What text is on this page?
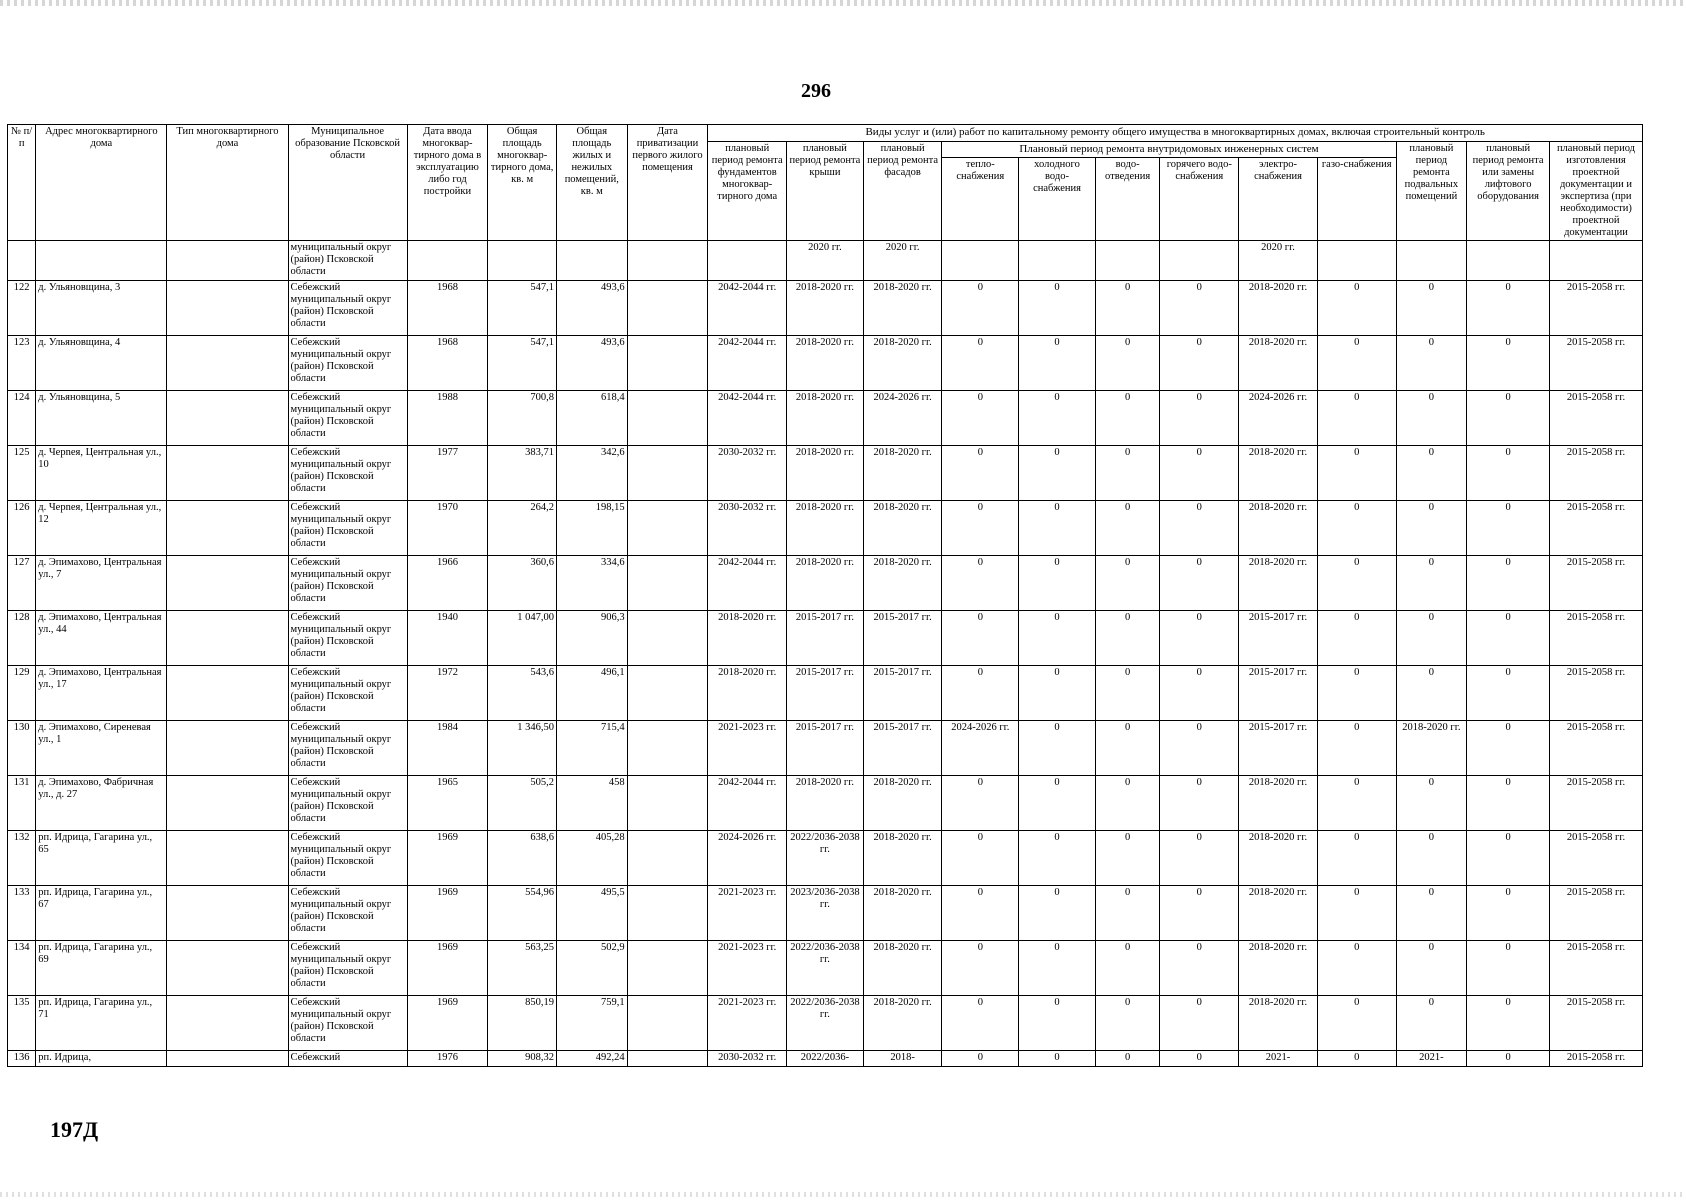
296
№ п/п	Адрес многоквартирного дома	Тип многоквартирного дома	Муниципальное образование Псковской области	Дата ввода многоквар-тирного дома в эксплуатацию либо год постройки	Общая площадь многоквар-тирного дома, кв. м	Общая площадь жилых и нежилых помещений, кв. м	Дата приватизации первого жилого помещения	Виды услуг и (или) работ по капитальному ремонту общего имущества в многоквартирных домах, включая строительный контроль											
								плановый период ремонта фундаментов многоквар-тирного дома	плановый период ремонта крыши	плановый период ремонта фасадов	Плановый период ремонта внутридомовых инженерных систем						плановый период ремонта подвальных помещений	плановый период ремонта или замены лифтового оборудования	плановый период изготовления проектной документации и экспертиза (при необходимости) проектной документации
											тепло-снабжения	холодного водо-снабжения	водо-отведения	горячего водо-снабжения	электро-снабжения	газо-снабжения			
			муниципальный округ (район) Псковской области						2020 гг.	2020 гг.					2020 гг.				
122	д. Ульяновщина, 3		Себежский муниципальный округ (район) Псковской области	1968	547,1	493,6		2042-2044 гг.	2018-2020 гг.	2018-2020 гг.	0	0	0	0	2018-2020 гг.	0	0	0	2015-2058 гг.
123	д. Ульяновщина, 4		Себежский муниципальный округ (район) Псковской области	1968	547,1	493,6		2042-2044 гг.	2018-2020 гг.	2018-2020 гг.	0	0	0	0	2018-2020 гг.	0	0	0	2015-2058 гг.
124	д. Ульяновщина, 5		Себежский муниципальный округ (район) Псковской области	1988	700,8	618,4		2042-2044 гг.	2018-2020 гг.	2024-2026 гг.	0	0	0	0	2024-2026 гг.	0	0	0	2015-2058 гг.
125	д. Черneя, Центральная ул., 10		Себежский муниципальный округ (район) Псковской области	1977	383,71	342,6		2030-2032 гг.	2018-2020 гг.	2018-2020 гг.	0	0	0	0	2018-2020 гг.	0	0	0	2015-2058 гг.
126	д. Черneя, Центральная ул., 12		Себежский муниципальный округ (район) Псковской области	1970	264,2	198,15		2030-2032 гг.	2018-2020 гг.	2018-2020 гг.	0	0	0	0	2018-2020 гг.	0	0	0	2015-2058 гг.
127	д. Эпимахово, Центральная ул., 7		Себежский муниципальный округ (район) Псковской области	1966	360,6	334,6		2042-2044 гг.	2018-2020 гг.	2018-2020 гг.	0	0	0	0	2018-2020 гг.	0	0	0	2015-2058 гг.
128	д. Эпимахово, Центральная ул., 44		Себежский муниципальный округ (район) Псковской области	1940	1 047,00	906,3		2018-2020 гг.	2015-2017 гг.	2015-2017 гг.	0	0	0	0	2015-2017 гг.	0	0	0	2015-2058 гг.
129	д. Эпимахово, Центральная ул., 17		Себежский муниципальный округ (район) Псковской области	1972	543,6	496,1		2018-2020 гг.	2015-2017 гг.	2015-2017 гг.	0	0	0	0	2015-2017 гг.	0	0	0	2015-2058 гг.
130	д. Эпимахово, Сиреневая ул., 1		Себежский муниципальный округ (район) Псковской области	1984	1 346,50	715,4		2021-2023 гг.	2015-2017 гг.	2015-2017 гг.	2024-2026 гг.	0	0	0	2015-2017 гг.	0	2018-2020 гг.	0	2015-2058 гг.
131	д. Эпимахово, Фабричная ул., д. 27		Себежский муниципальный округ (район) Псковской области	1965	505,2	458		2042-2044 гг.	2018-2020 гг.	2018-2020 гг.	0	0	0	0	2018-2020 гг.	0	0	0	2015-2058 гг.
132	рп. Идрица, Гагарина ул., 65		Себежский муниципальный округ (район) Псковской области	1969	638,6	405,28		2024-2026 гг.	2022/2036-2038 гг.	2018-2020 гг.	0	0	0	0	2018-2020 гг.	0	0	0	2015-2058 гг.
133	рп. Идрица, Гагарина ул., 67		Себежский муниципальный округ (район) Псковской области	1969	554,96	495,5		2021-2023 гг.	2023/2036-2038 гг.	2018-2020 гг.	0	0	0	0	2018-2020 гг.	0	0	0	2015-2058 гг.
134	рп. Идрица, Гагарина ул., 69		Себежский муниципальный округ (район) Псковской области	1969	563,25	502,9		2021-2023 гг.	2022/2036-2038 гг.	2018-2020 гг.	0	0	0	0	2018-2020 гг.	0	0	0	2015-2058 гг.
135	рп. Идрица, Гагарина ул., 71		Себежский муниципальный округ (район) Псковской области	1969	850,19	759,1		2021-2023 гг.	2022/2036-2038 гг.	2018-2020 гг.	0	0	0	0	2018-2020 гг.	0	0	0	2015-2058 гг.
136	рп. Идрица,		Себежский	1976	908,32	492,24		2030-2032 гг.	2022/2036-	2018-	0	0	0	0	2021-	0	2021-	0	2015-2058 гг.
197Д
